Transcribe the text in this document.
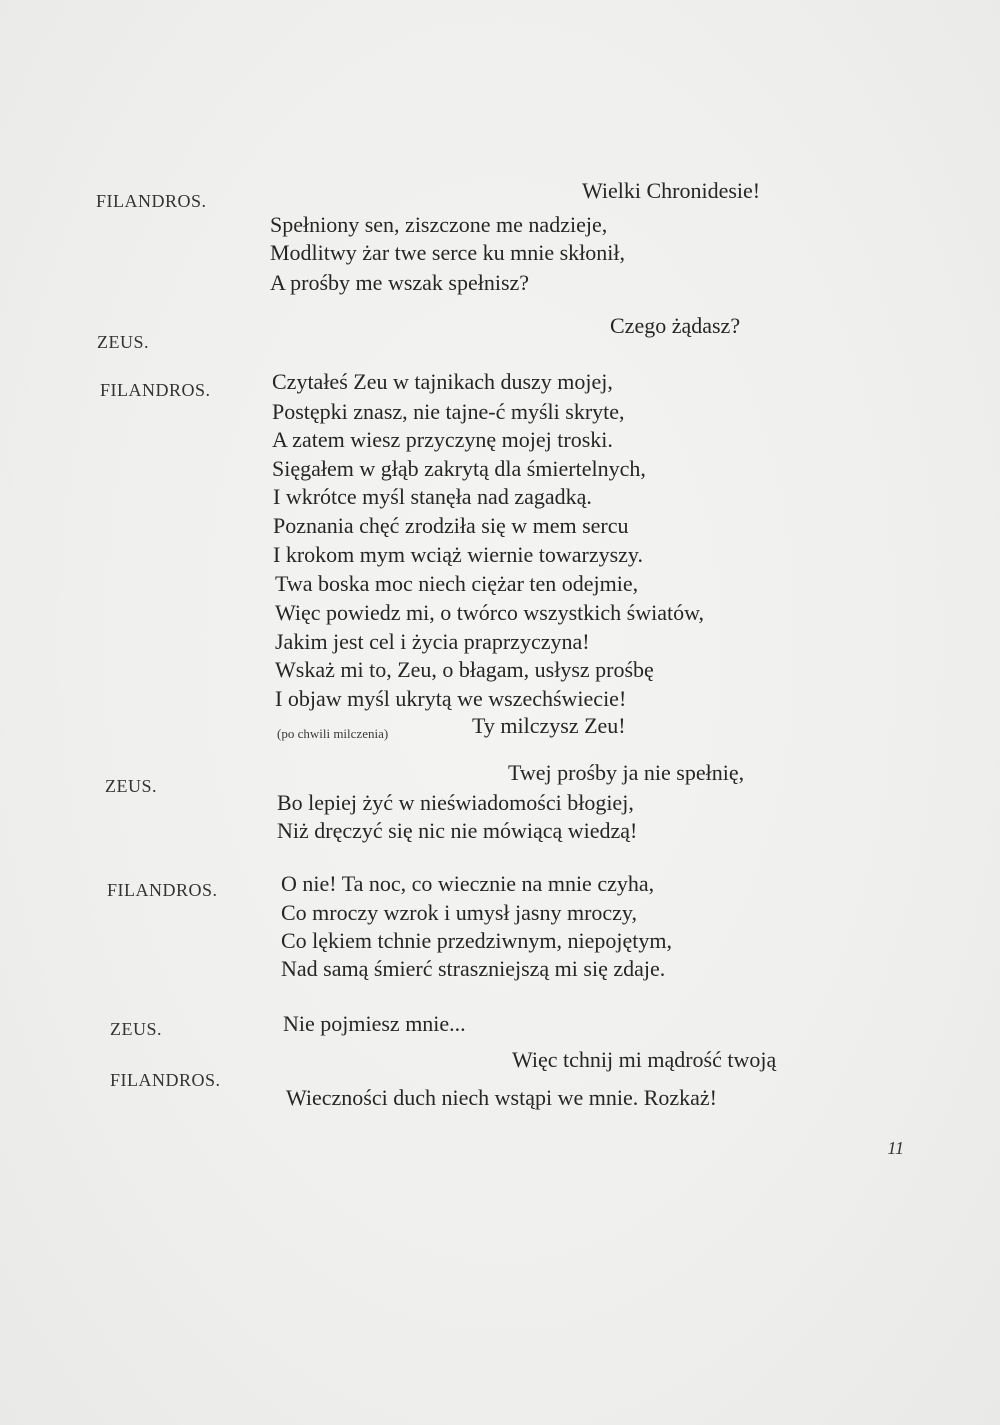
FILANDROS.	Wielki Chronidesie!
Spełniony sen, ziszczone me nadzieje,
Modlitwy żar twe serce ku mnie skłonił,
A prośby me wszak spełnisz?
ZEUS.
Czego żądasz?
FILANDROS.	Czytałeś Zeu w tajnikach duszy mojej,
Postępki znasz, nie tajne-ć myśli skryte,
A zatem wiesz przyczynę mojej troski.
Sięgałem w głąb zakrytą dla śmiertelnych,
I wkrótce myśl stanęła nad zagadką.
Poznania chęć zrodziła się w mem sercu
I krokom mym wciąż wiernie towarzyszy.
Twa boska moc niech ciężar ten odejmie,
Więc powiedz mi, o twórco wszystkich światów,
Jakim jest cel i życia praprzyczyna!
Wskaż mi to, Zeu, o błagam, usłysz prośbę
I objaw myśl ukrytą we wszechświecie!
(po chwili milczenia)	Ty milczysz Zeu!
ZEUS.
Twej prośby ja nie spełnię,
Bo lepiej żyć w nieświadomości błogiej,
Niż dręczyć się nic nie mówiącą wiedzą!
FILANDROS.	O nie! Ta noc, co wiecznie na mnie czyha,
Co mroczy wzrok i umysł jasny mroczy,
Co lękiem tchnie przedziwnym, niepojętym,
Nad samą śmierć straszniejszą mi się zdaje.
ZEUS.	Nie pojmiesz mnie...
FILANDROS.
Więc tchnij mi mądrość twoją
Wieczności duch niech wstąpi we mnie. Rozkaż!
11
